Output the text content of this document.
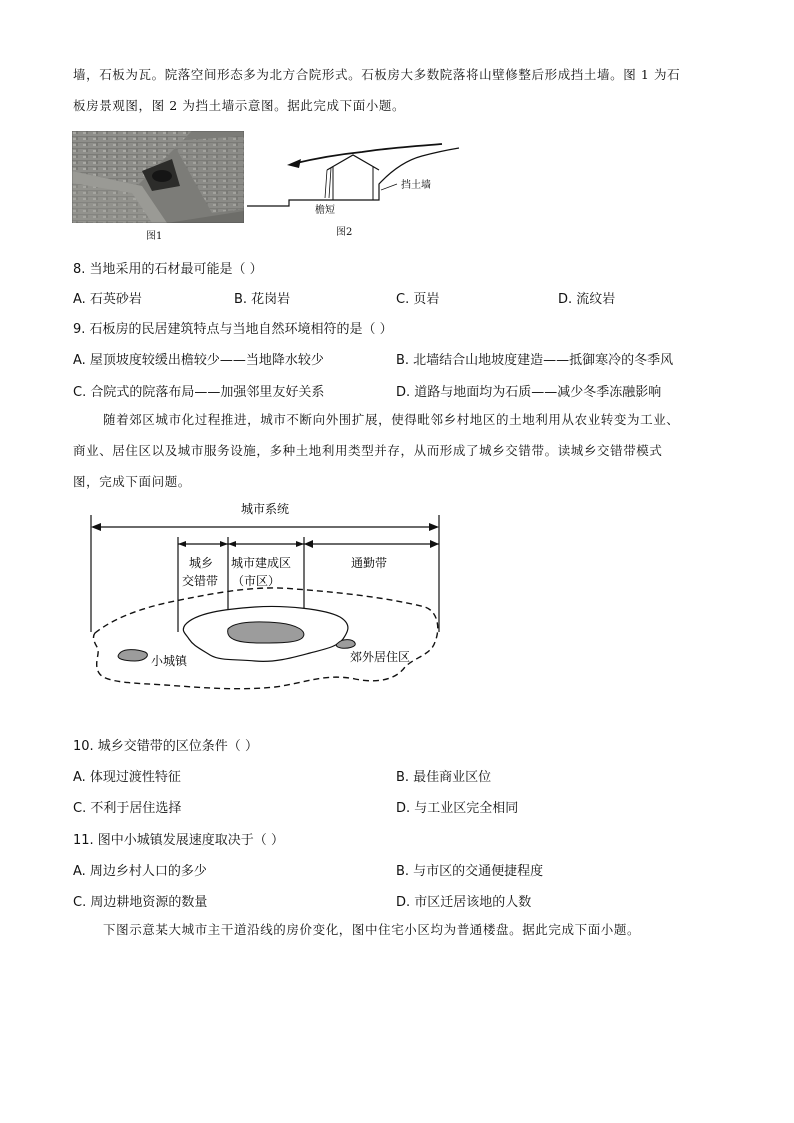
墙，石板为瓦。院落空间形态多为北方合院形式。石板房大多数院落将山壁修整后形成挡土墙。图 1 为石
板房景观图，图 2 为挡土墙示意图。据此完成下面小题。
图1
挡土墙
檐短
图2
8. 当地采用的石材最可能是（ ）
A. 石英砂岩	B. 花岗岩	C. 页岩	D. 流纹岩
9. 石板房的民居建筑特点与当地自然环境相符的是（ ）
A. 屋顶坡度较缓出檐较少——当地降水较少	B. 北墙结合山地坡度建造——抵御寒冷的冬季风
C. 合院式的院落布局——加强邻里友好关系	D. 道路与地面均为石质——减少冬季冻融影响
随着郊区城市化过程推进，城市不断向外围扩展，使得毗邻乡村地区的土地利用从农业转变为工业、
商业、居住区以及城市服务设施，多种土地利用类型并存，从而形成了城乡交错带。读城乡交错带模式
图，完成下面问题。
城市系统
城乡
交错带
城市建成区
（市区）
通勤带
小城镇	郊外居住区
10. 城乡交错带的区位条件（ ）
A. 体现过渡性特征	B. 最佳商业区位
C. 不利于居住选择	D. 与工业区完全相同
11. 图中小城镇发展速度取决于（ ）
A. 周边乡村人口的多少	B. 与市区的交通便捷程度
C. 周边耕地资源的数量	D. 市区迁居该地的人数
下图示意某大城市主干道沿线的房价变化，图中住宅小区均为普通楼盘。据此完成下面小题。
